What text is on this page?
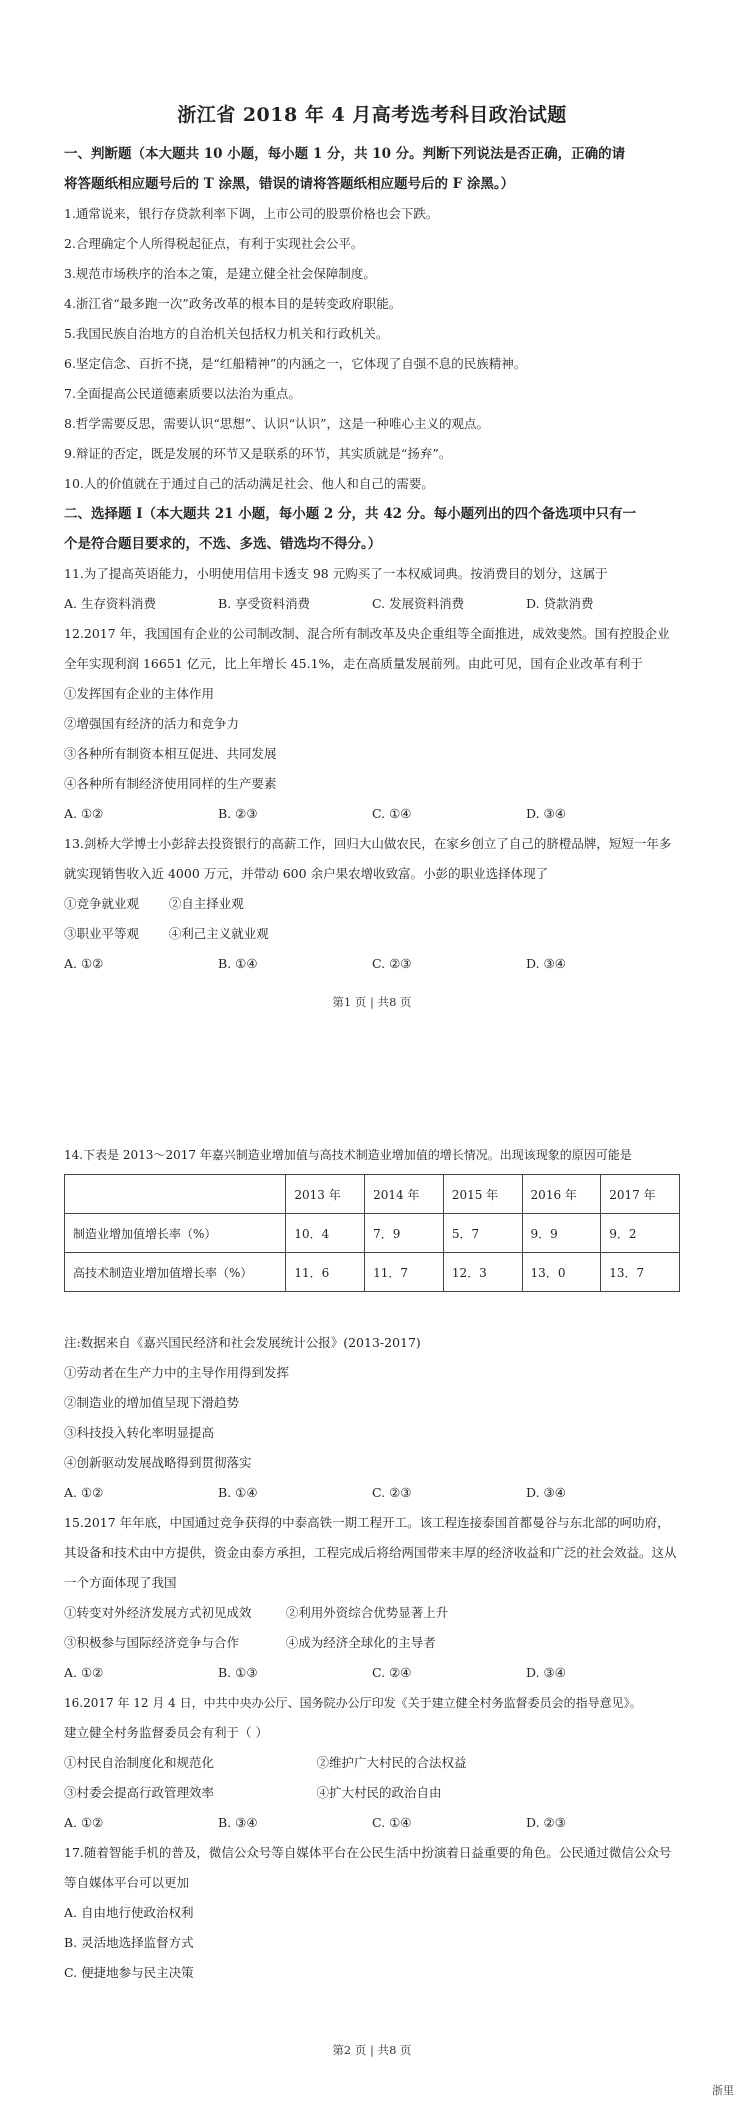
浙江省 2018 年 4 月高考选考科目政治试题
一、判断题（本大题共 10 小题，每小题 1 分，共 10 分。判断下列说法是否正确，正确的请
将答题纸相应题号后的 T 涂黑，错误的请将答题纸相应题号后的 F 涂黑。）
1.通常说来，银行存贷款利率下调，上市公司的股票价格也会下跌。
2.合理确定个人所得税起征点，有利于实现社会公平。
3.规范市场秩序的治本之策，是建立健全社会保障制度。
4.浙江省“最多跑一次”政务改革的根本目的是转变政府职能。
5.我国民族自治地方的自治机关包括权力机关和行政机关。
6.坚定信念、百折不挠，是“红船精神”的内涵之一，它体现了自强不息的民族精神。
7.全面提高公民道德素质要以法治为重点。
8.哲学需要反思，需要认识“思想”、认识“认识”，这是一种唯心主义的观点。
9.辩证的否定，既是发展的环节又是联系的环节，其实质就是“扬弃”。
10.人的价值就在于通过自己的活动满足社会、他人和自己的需要。
二、选择题 I（本大题共 21 小题，每小题 2 分，共 42 分。每小题列出的四个备选项中只有一
个是符合题目要求的，不选、多选、错选均不得分。）
11.为了提高英语能力，小明使用信用卡透支 98 元购买了一本权威词典。按消费目的划分，这属于
A. 生存资料消费	B. 享受资料消费	C. 发展资料消费	D. 贷款消费
12.2017 年，我国国有企业的公司制改制、混合所有制改革及央企重组等全面推进，成效斐然。国有控股企业全年实现利润 16651 亿元，比上年增长 45.1%，走在高质量发展前列。由此可见，国有企业改革有利于
①发挥国有企业的主体作用
②增强国有经济的活力和竞争力
③各种所有制资本相互促进、共同发展
④各种所有制经济使用同样的生产要素
A. ①②	B. ②③	C. ①④	D. ③④
13.剑桥大学博士小彭辞去投资银行的高薪工作，回归大山做农民，在家乡创立了自己的脐橙品牌，短短一年多就实现销售收入近 4000 万元，并带动 600 余户果农增收致富。小彭的职业选择体现了
①竞争就业观	②自主择业观
③职业平等观	④利己主义就业观
A. ①②	B. ①④	C. ②③	D. ③④
第1 页 | 共8 页
14.下表是 2013～2017 年嘉兴制造业增加值与高技术制造业增加值的增长情况。出现该现象的原因可能是
	2013 年	2014 年	2015 年	2016 年	2017 年
制造业增加值增长率（%）	10．4	7．9	5．7	9．9	9．2
高技术制造业增加值增长率（%）	11．6	11．7	12．3	13．0	13．7
注:数据来自《嘉兴国民经济和社会发展统计公报》(2013-2017)
①劳动者在生产力中的主导作用得到发挥
②制造业的增加值呈现下滑趋势
③科技投入转化率明显提高
④创新驱动发展战略得到贯彻落实
A. ①②	B. ①④	C. ②③	D. ③④
15.2017 年年底，中国通过竞争获得的中泰高铁一期工程开工。该工程连接泰国首都曼谷与东北部的呵叻府，其设备和技术由中方提供，资金由泰方承担，工程完成后将给两国带来丰厚的经济收益和广泛的社会效益。这从一个方面体现了我国
①转变对外经济发展方式初见成效	②利用外资综合优势显著上升
③积极参与国际经济竞争与合作	④成为经济全球化的主导者
A. ①②	B. ①③	C. ②④	D. ③④
16.2017 年 12 月 4 日，中共中央办公厅、国务院办公厅印发《关于建立健全村务监督委员会的指导意见》。
建立健全村务监督委员会有利于（ ）
①村民自治制度化和规范化	②维护广大村民的合法权益
③村委会提高行政管理效率	④扩大村民的政治自由
A. ①②	B. ③④	C. ①④	D. ②③
17.随着智能手机的普及，微信公众号等自媒体平台在公民生活中扮演着日益重要的角色。公民通过微信公众号等自媒体平台可以更加
A. 自由地行使政治权利
B. 灵活地选择监督方式
C. 便捷地参与民主决策
第2 页 | 共8 页
浙里
